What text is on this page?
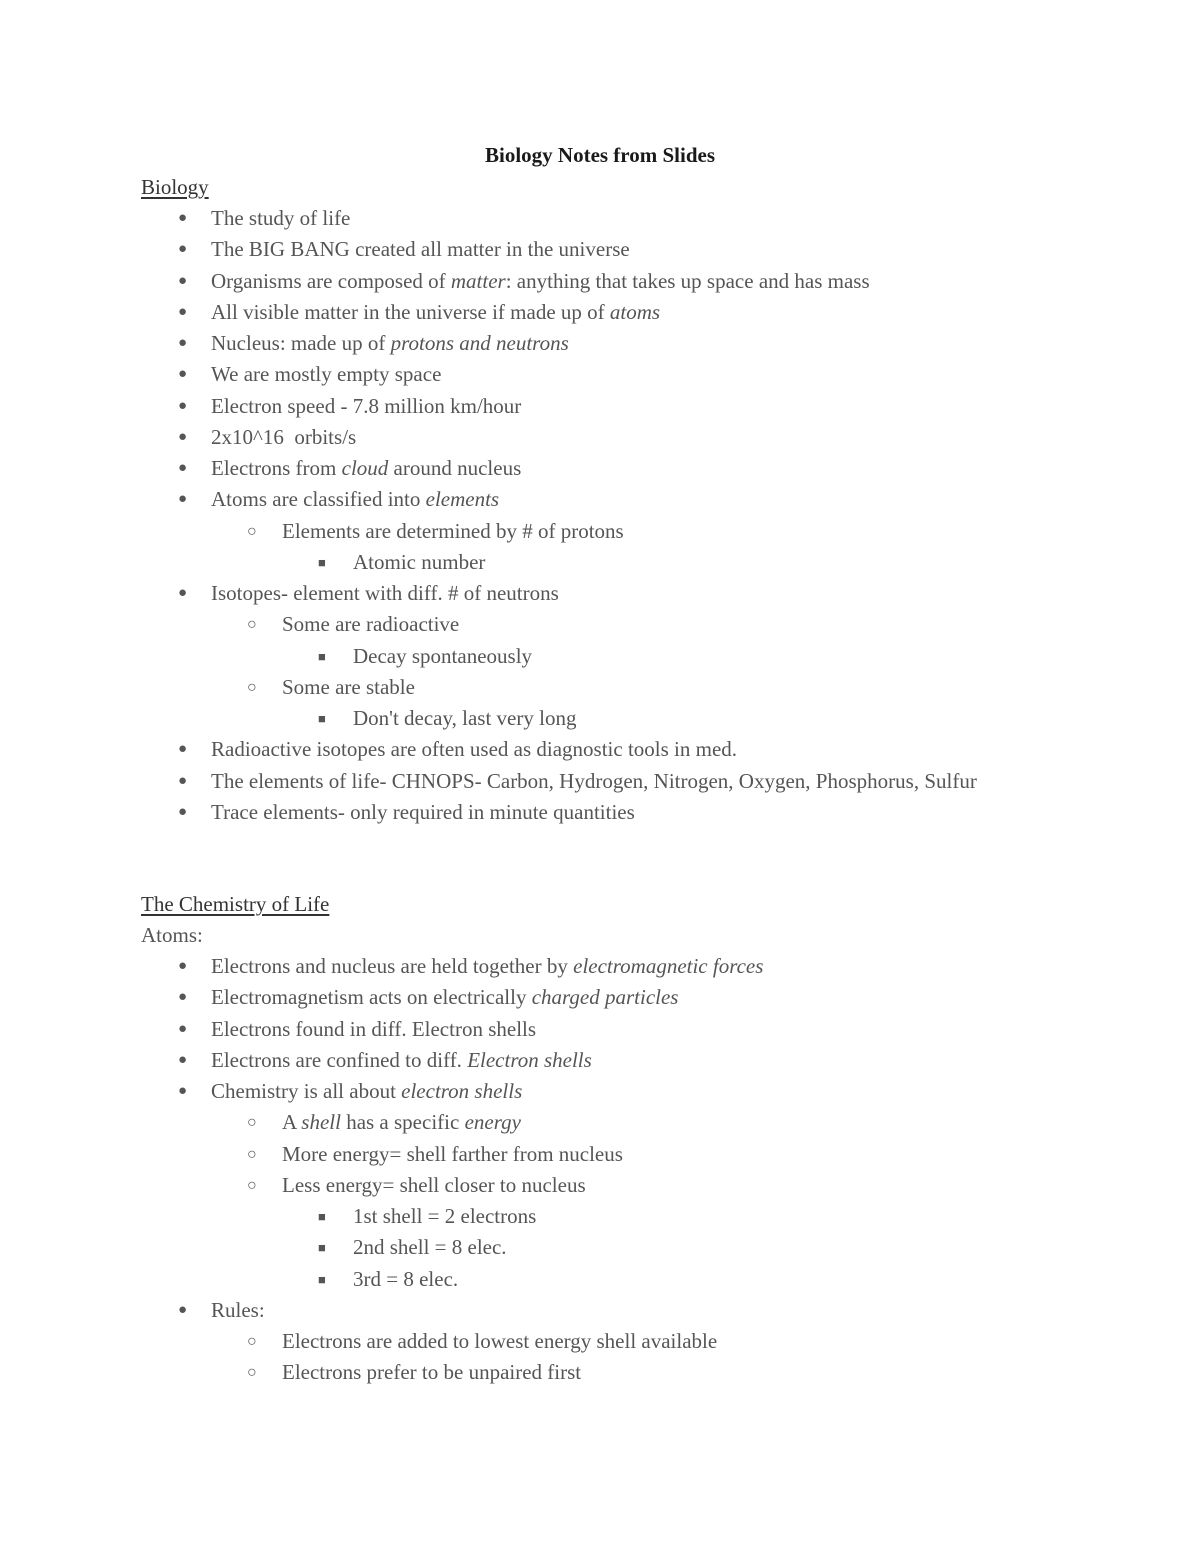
Biology Notes from Slides
Biology
● The study of life
● The BIG BANG created all matter in the universe
● Organisms are composed of matter: anything that takes up space and has mass
● All visible matter in the universe if made up of atoms
● Nucleus: made up of protons and neutrons
● We are mostly empty space
● Electron speed - 7.8 million km/hour
● 2x10^16  orbits/s
● Electrons from cloud around nucleus
● Atoms are classified into elements
○ Elements are determined by # of protons
■ Atomic number
● Isotopes- element with diff. # of neutrons
○ Some are radioactive
■ Decay spontaneously
○ Some are stable
■ Don't decay, last very long
● Radioactive isotopes are often used as diagnostic tools in med.
● The elements of life- CHNOPS- Carbon, Hydrogen, Nitrogen, Oxygen, Phosphorus, Sulfur
● Trace elements- only required in minute quantities
The Chemistry of Life
Atoms:
● Electrons and nucleus are held together by electromagnetic forces
● Electromagnetism acts on electrically charged particles
● Electrons found in diff. Electron shells
● Electrons are confined to diff. Electron shells
● Chemistry is all about electron shells
○ A shell has a specific energy
○ More energy= shell farther from nucleus
○ Less energy= shell closer to nucleus
■ 1st shell = 2 electrons
■ 2nd shell = 8 elec.
■ 3rd = 8 elec.
● Rules:
○ Electrons are added to lowest energy shell available
○ Electrons prefer to be unpaired first
